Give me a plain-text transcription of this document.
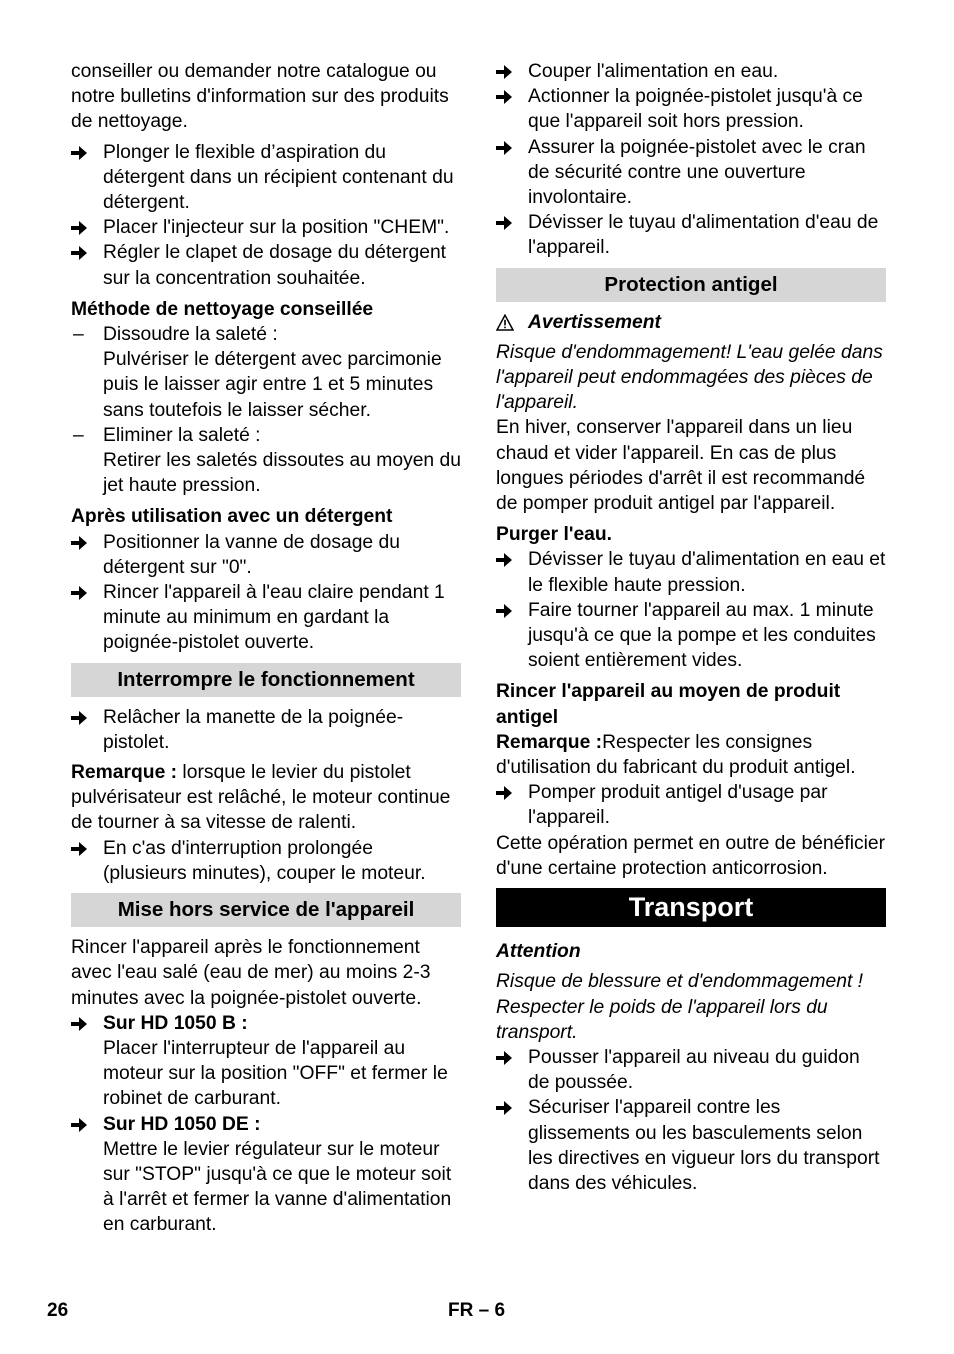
conseiller ou demander notre catalogue ou notre bulletins d'information sur des produits de nettoyage.

Plonger le flexible d’aspiration du détergent dans un récipient contenant du détergent.
Placer l'injecteur sur la position "CHEM".
Régler le clapet de dosage du détergent sur la concentration souhaitée.

Méthode de nettoyage conseillée

– Dissoudre la saleté :

Pulvériser le détergent avec parcimonie puis le laisser agir entre 1 et 5 minutes sans toutefois le laisser sécher.

– Eliminer la saleté :

Retirer les saletés dissoutes au moyen du jet haute pression.

Après utilisation avec un détergent

Positionner la vanne de dosage du détergent sur "0".
Rincer l'appareil à l'eau claire pendant 1 minute au minimum en gardant la poignée-pistolet ouverte.
Interrompre le fonctionnement
Relâcher la manette de la poignée-pistolet.

Remarque : lorsque le levier du pistolet pulvérisateur est relâché, le moteur continue de tourner à sa vitesse de ralenti.

En c'as d'interruption prolongée (plusieurs minutes), couper le moteur.
Mise hors service de l'appareil

Rincer l'appareil après le fonctionnement avec l'eau salé (eau de mer) au moins 2-3 minutes avec la poignée-pistolet ouverte.

Sur HD 1050 B :

Placer l'interrupteur de l'appareil au moteur sur la position "OFF" et fermer le robinet de carburant.

Sur HD 1050 DE :

Mettre le levier régulateur sur le moteur sur "STOP" jusqu'à ce que le moteur soit à l'arrêt et fermer la vanne d'alimentation en carburant.

Couper l'alimentation en eau.
Actionner la poignée-pistolet jusqu'à ce que l'appareil soit hors pression.
Assurer la poignée-pistolet avec le cran de sécurité contre une ouverture involontaire.
Dévisser le tuyau d'alimentation d'eau de l'appareil.
Protection antigel
Avertissement

Risque d'endommagement! L'eau gelée dans l'appareil peut endommagées des pièces de l'appareil.

En hiver, conserver l'appareil dans un lieu chaud et vider l'appareil. En cas de plus longues périodes d'arrêt il est recommandé de pomper produit antigel par l'appareil.

Purger l'eau.

Dévisser le tuyau d'alimentation en eau et le flexible haute pression.
Faire tourner l'appareil au max. 1 minute jusqu'à ce que la pompe et les conduites soient entièrement vides.

Rincer l'appareil au moyen de produit antigel

Remarque :Respecter les consignes d'utilisation du fabricant du produit antigel.

Pomper produit antigel d'usage par l'appareil.

Cette opération permet en outre de bénéficier d'une certaine protection anticorrosion.

Transport

Attention

Risque de blessure et d'endommagement ! Respecter le poids de l'appareil lors du transport.

Pousser l'appareil au niveau du guidon de poussée.
Sécuriser l'appareil contre les glissements ou les basculements selon les directives en vigueur lors du transport dans des véhicules.
26	FR – 6
